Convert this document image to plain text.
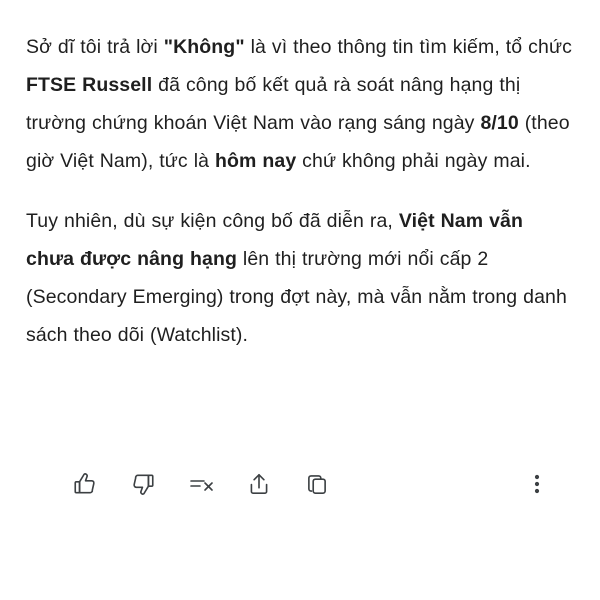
Sở dĩ tôi trả lời "Không" là vì theo thông tin tìm kiếm, tổ chức FTSE Russell đã công bố kết quả rà soát nâng hạng thị trường chứng khoán Việt Nam vào rạng sáng ngày 8/10 (theo giờ Việt Nam), tức là hôm nay chứ không phải ngày mai.

Tuy nhiên, dù sự kiện công bố đã diễn ra, Việt Nam vẫn chưa được nâng hạng lên thị trường mới nổi cấp 2 (Secondary Emerging) trong đợt này, mà vẫn nằm trong danh sách theo dõi (Watchlist).
